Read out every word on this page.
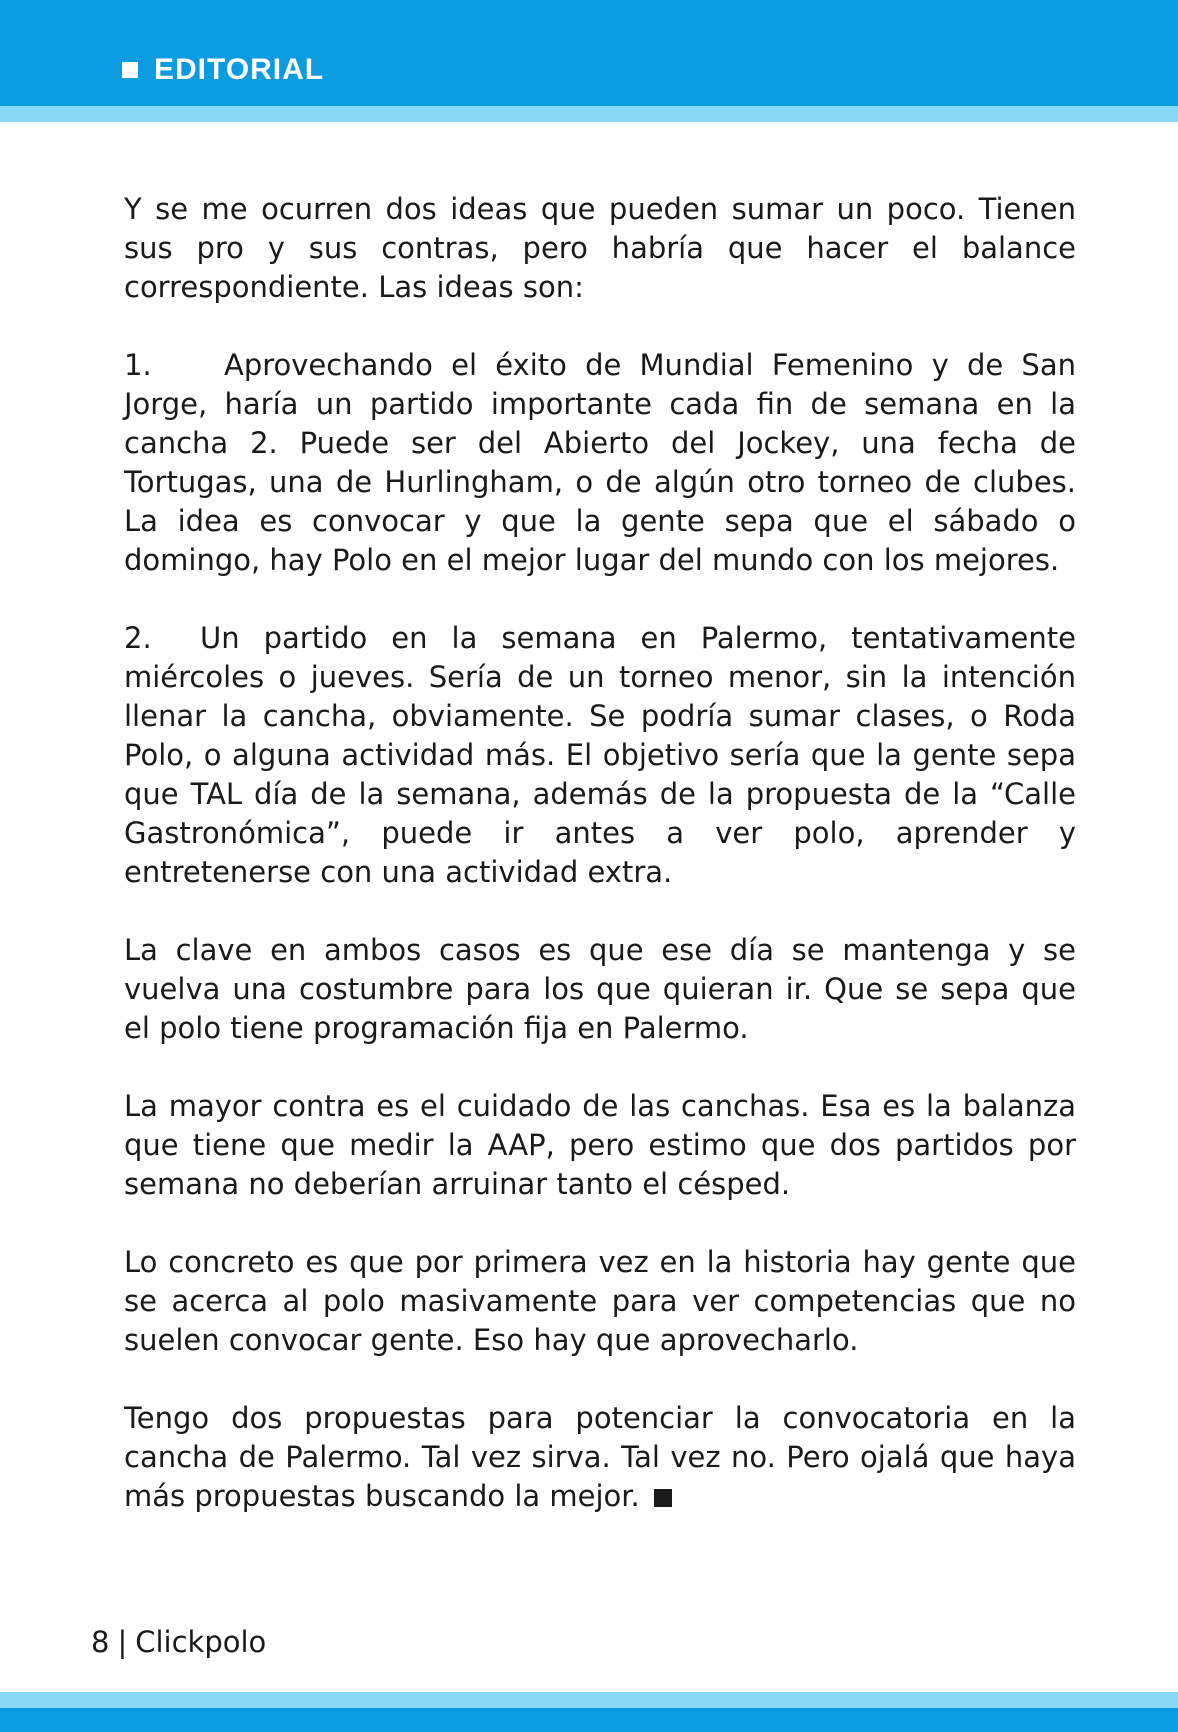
EDITORIAL

Y se me ocurren dos ideas que pueden sumar un poco. Tienen sus pro y sus contras, pero habría que hacer el balance correspondiente. Las ideas son:

1. Aprovechando el éxito de Mundial Femenino y de San Jorge, haría un partido importante cada fin de semana en la cancha 2. Puede ser del Abierto del Jockey, una fecha de Tortugas, una de Hurlingham, o de algún otro torneo de clubes. La idea es convocar y que la gente sepa que el sábado o domingo, hay Polo en el mejor lugar del mundo con los mejores.

2. Un partido en la semana en Palermo, tentativamente miércoles o jueves. Sería de un torneo menor, sin la intención llenar la cancha, obviamente. Se podría sumar clases, o Roda Polo, o alguna actividad más. El objetivo sería que la gente sepa que TAL día de la semana, además de la propuesta de la “Calle Gastronómica”, puede ir antes a ver polo, aprender y entretenerse con una actividad extra.

La clave en ambos casos es que ese día se mantenga y se vuelva una costumbre para los que quieran ir. Que se sepa que el polo tiene programación fija en Palermo.

La mayor contra es el cuidado de las canchas. Esa es la balanza que tiene que medir la AAP, pero estimo que dos partidos por semana no deberían arruinar tanto el césped.

Lo concreto es que por primera vez en la historia hay gente que se acerca al polo masivamente para ver competencias que no suelen convocar gente. Eso hay que aprovecharlo.

Tengo dos propuestas para potenciar la convocatoria en la cancha de Palermo. Tal vez sirva. Tal vez no. Pero ojalá que haya más propuestas buscando la mejor.

8 | Clickpolo
